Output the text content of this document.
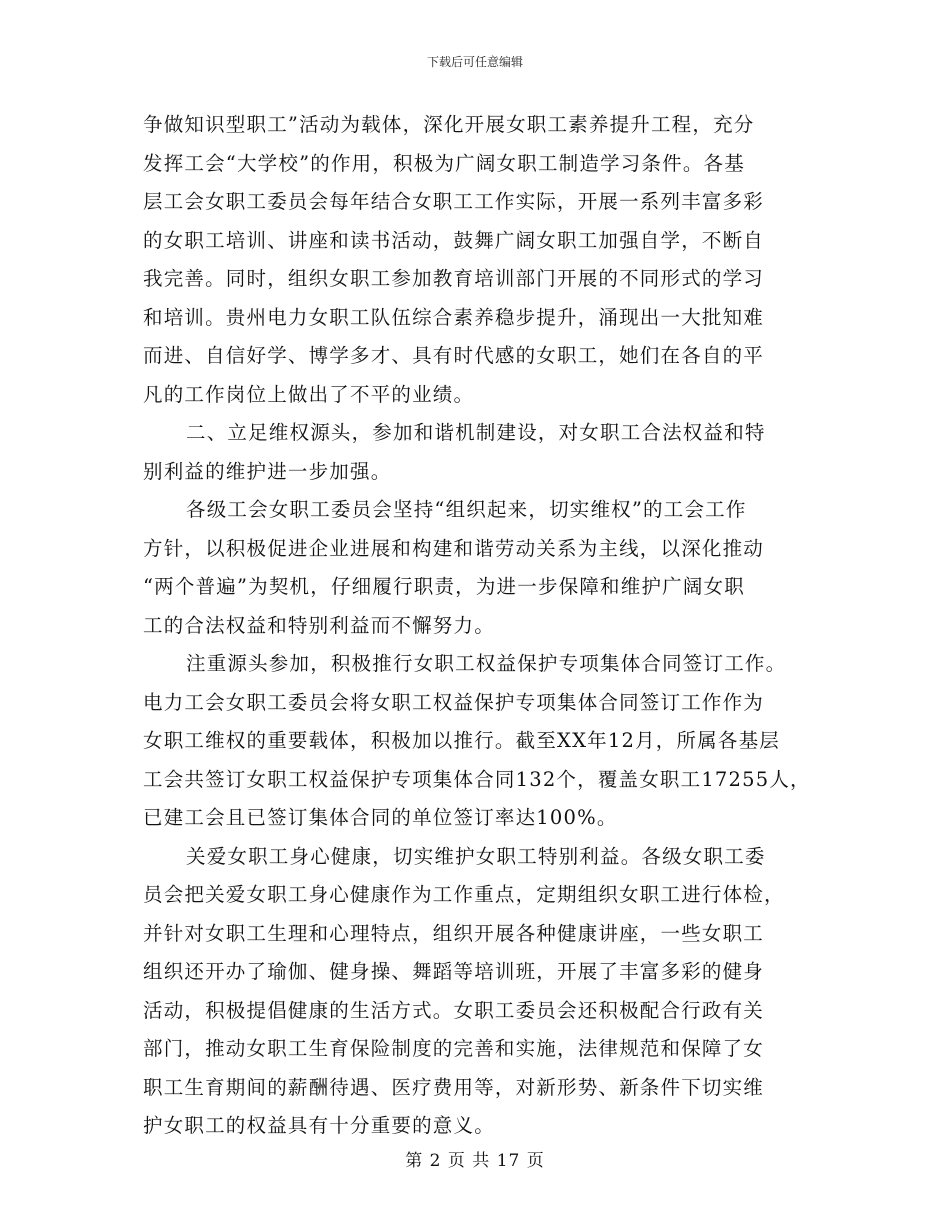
下载后可任意编辑
争做知识型职工”活动为载体，深化开展女职工素养提升工程，充分
发挥工会“大学校”的作用，积极为广阔女职工制造学习条件。各基
层工会女职工委员会每年结合女职工工作实际，开展一系列丰富多彩
的女职工培训、讲座和读书活动，鼓舞广阔女职工加强自学，不断自
我完善。同时，组织女职工参加教育培训部门开展的不同形式的学习
和培训。贵州电力女职工队伍综合素养稳步提升，涌现出一大批知难
而进、自信好学、博学多才、具有时代感的女职工，她们在各自的平
凡的工作岗位上做出了不平的业绩。
二、立足维权源头，参加和谐机制建设，对女职工合法权益和特
别利益的维护进一步加强。
各级工会女职工委员会坚持“组织起来，切实维权”的工会工作
方针，以积极促进企业进展和构建和谐劳动关系为主线，以深化推动
“两个普遍”为契机，仔细履行职责，为进一步保障和维护广阔女职
工的合法权益和特别利益而不懈努力。
注重源头参加，积极推行女职工权益保护专项集体合同签订工作。
电力工会女职工委员会将女职工权益保护专项集体合同签订工作作为
女职工维权的重要载体，积极加以推行。截至XX年12月，所属各基层
工会共签订女职工权益保护专项集体合同132个，覆盖女职工17255人，
已建工会且已签订集体合同的单位签订率达100%。
关爱女职工身心健康，切实维护女职工特别利益。各级女职工委
员会把关爱女职工身心健康作为工作重点，定期组织女职工进行体检，
并针对女职工生理和心理特点，组织开展各种健康讲座，一些女职工
组织还开办了瑜伽、健身操、舞蹈等培训班，开展了丰富多彩的健身
活动，积极提倡健康的生活方式。女职工委员会还积极配合行政有关
部门，推动女职工生育保险制度的完善和实施，法律规范和保障了女
职工生育期间的薪酬待遇、医疗费用等，对新形势、新条件下切实维
护女职工的权益具有十分重要的意义。
第 2 页 共 17 页
